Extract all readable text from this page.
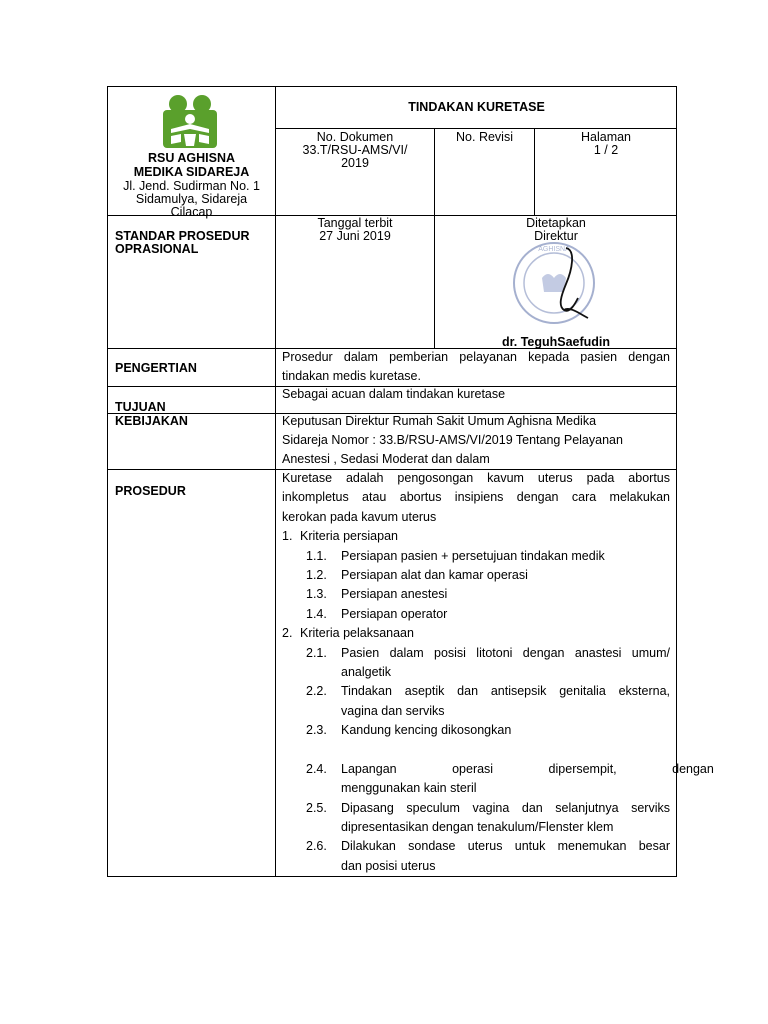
RSU AGHISNA
MEDIKA SIDAREJA
Jl. Jend. Sudirman No. 1
Sidamulya, Sidareja
Cilacap
TINDAKAN KURETASE
No. Dokumen
33.T/RSU-AMS/VI/
2019
No. Revisi	Halaman
1 / 2
STANDAR PROSEDUR
OPRASIONAL
Tanggal terbit
27 Juni 2019
Ditetapkan
Direktur
AGHISNA
dr. TeguhSaefudin
PENGERTIAN
Prosedur dalam pemberian pelayanan kepada pasien dengan
tindakan medis kuretase.
Sebagai acuan dalam tindakan kuretase
TUJUAN
KEBIJAKAN	Keputusan Direktur Rumah Sakit Umum Aghisna Medika
Sidareja Nomor : 33.B/RSU-AMS/VI/2019 Tentang Pelayanan
Anestesi , Sedasi Moderat dan dalam
PROSEDUR
Kuretase adalah pengosongan kavum uterus pada abortus
inkompletus atau abortus insipiens dengan cara melakukan
kerokan pada kavum uterus
1. Kriteria persiapan
1.1. Persiapan pasien + persetujuan tindakan medik
1.2. Persiapan alat dan kamar operasi
1.3. Persiapan anestesi
1.4. Persiapan operator
2. Kriteria pelaksanaan
2.1. Pasien dalam posisi litotoni dengan anastesi umum/
analgetik
2.2. Tindakan aseptik dan antisepsik genitalia eksterna,
vagina dan serviks
2.3. Kandung kencing dikosongkan
2.4. Lapangan operasi dipersempit, dengan
menggunakan kain steril
2.5. Dipasang speculum vagina dan selanjutnya serviks
dipresentasikan dengan tenakulum/Flenster klem
2.6. Dilakukan sondase uterus untuk menemukan besar
dan posisi uterus
